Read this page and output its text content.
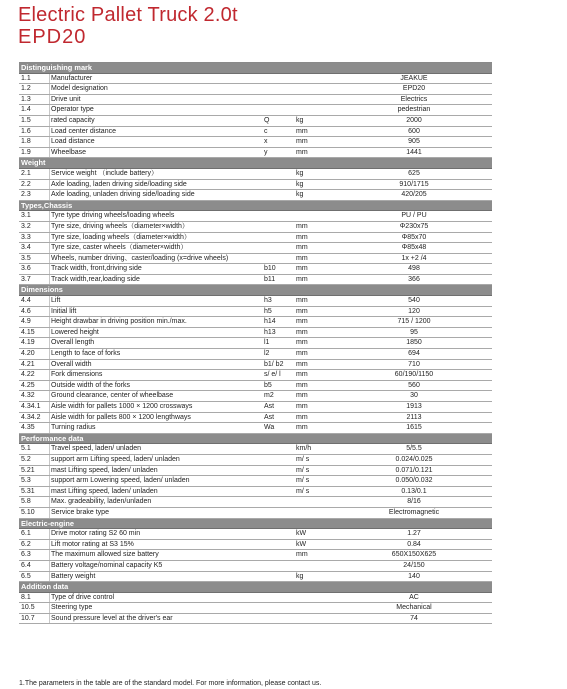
Electric Pallet Truck 2.0t
EPD20
Distinguishing mark
1.1	Manufacturer	JEAKUE
1.2	Model designation	EPD20
1.3	Drive unit	Electrics
1.4	Operator type	pedestrian
1.5	rated capacity	Q	kg	2000
1.6	Load center distance	c	mm	600
1.8	Load distance	x	mm	905
1.9	Wheelbase	y	mm	1441
Weight
2.1	Service weight （include battery）	kg	625
2.2	Axle loading, laden driving side/loading side	kg	910/1715
2.3	Axle loading, unladen driving side/loading side	kg	420/205
Types,Chassis
3.1	Tyre type driving wheels/loading wheels	PU / PU
3.2	Tyre size, driving wheels（diameter×width）	mm	Φ230x75
3.3	Tyre size, loading wheels（diameter×width）	mm	Φ85x70
3.4	Tyre size, caster wheels（diameter×width）	mm	Φ85x48
3.5	Wheels, number driving、caster/loading (x=drive wheels)	mm	1x +2 /4
3.6	Track width, front,driving side	b10	mm	498
3.7	Track width,rear,loading side	b11	mm	366
Dimensions
4.4	Lift	h3	mm	540
4.6	Initial lift	h5	mm	120
4.9	Height drawbar in driving position min./max.	h14	mm	715 / 1200
4.15	Lowered height	h13	mm	95
4.19	Overall length	l1	mm	1850
4.20	Length to face of forks	l2	mm	694
4.21	Overall width	b1/ b2	mm	710
4.22	Fork dimensions	s/ e/ l	mm	60/190/1150
4.25	Outside width of the forks	b5	mm	560
4.32	Ground clearance, center of wheelbase	m2	mm	30
4.34.1	Aisle width for pallets 1000 × 1200 crossways	Ast	mm	1913
4.34.2	Aisle width for pallets 800 × 1200 lengthways	Ast	mm	2113
4.35	Turning radius	Wa	mm	1615
Performance data
5.1	Travel speed, laden/ unladen	km/h	5/5.5
5.2	support arm Lifting speed, laden/ unladen	m/ s	0.024/0.025
5.21	mast Lifting speed, laden/ unladen	m/ s	0.071/0.121
5.3	support arm Lowering speed, laden/ unladen	m/ s	0.050/0.032
5.31	mast Lifting speed, laden/ unladen	m/ s	0.13/0.1
5.8	Max. gradeability, laden/unladen	8/16
5.10	Service brake type	Electromagnetic
Electric-engine
6.1	Drive motor rating S2 60 min	kW	1.27
6.2	Lift motor rating at S3 15%	kW	0.84
6.3	The maximum allowed size battery	mm	650X150X625
6.4	Battery voltage/nominal capacity K5	24/150
6.5	Battery weight	kg	140
Addition data
8.1	Type of drive control	AC
10.5	Steering type	Mechanical
10.7	Sound pressure level at the driver's ear	74
1.The parameters in the table are of the standard model. For more information, please contact us.
